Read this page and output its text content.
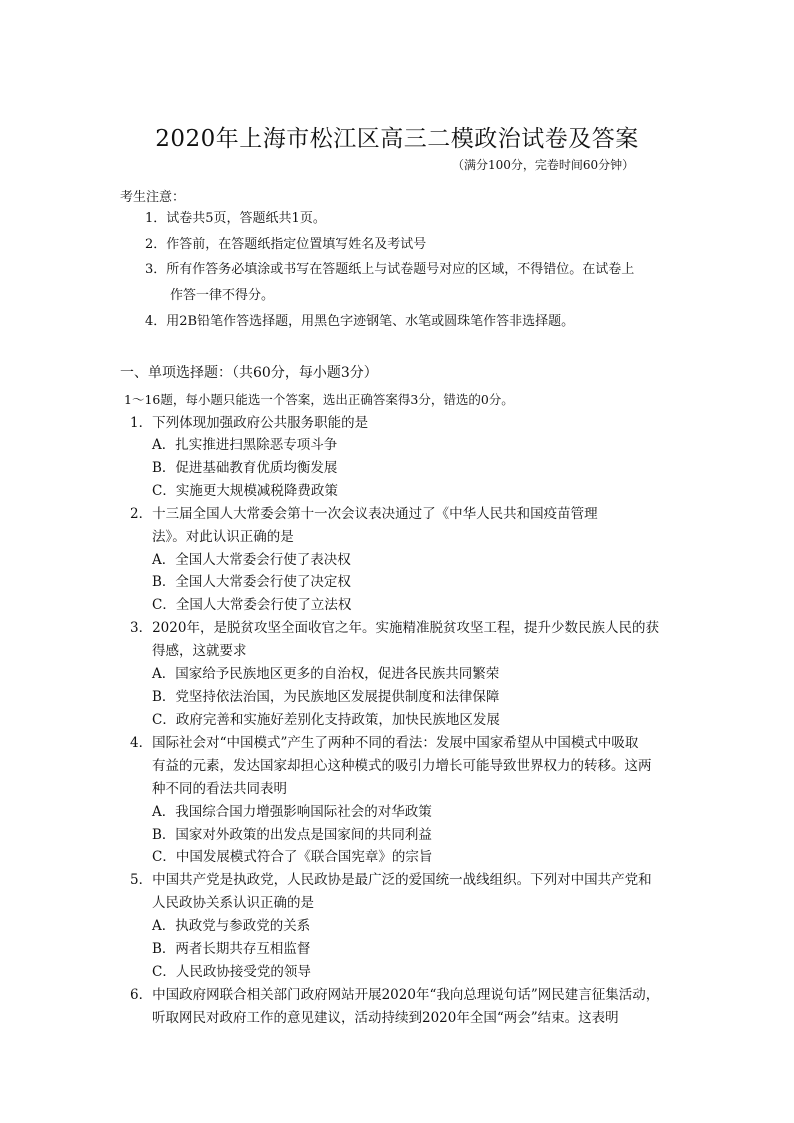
2020年上海市松江区高三二模政治试卷及答案
（满分100分，完卷时间60分钟）
考生注意：
1．试卷共5页，答题纸共1页。
2．作答前，在答题纸指定位置填写姓名及考试号
3．所有作答务必填涂或书写在答题纸上与试卷题号对应的区域，不得错位。在试卷上
作答一律不得分。
4．用2B铅笔作答选择题，用黑色字迹钢笔、水笔或圆珠笔作答非选择题。
一、单项选择题：（共60分，每小题3分）
1～16题，每小题只能选一个答案，选出正确答案得3分，错选的0分。
1．下列体现加强政府公共服务职能的是
A．扎实推进扫黑除恶专项斗争
B．促进基础教育优质均衡发展
C．实施更大规模减税降费政策
2．十三届全国人大常委会第十一次会议表决通过了《中华人民共和国疫苗管理
法》。对此认识正确的是
A．全国人大常委会行使了表决权
B．全国人大常委会行使了决定权
C．全国人大常委会行使了立法权
3．2020年，是脱贫攻坚全面收官之年。实施精准脱贫攻坚工程，提升少数民族人民的获
得感，这就要求
A．国家给予民族地区更多的自治权，促进各民族共同繁荣
B．党坚持依法治国，为民族地区发展提供制度和法律保障
C．政府完善和实施好差别化支持政策，加快民族地区发展
4．国际社会对“中国模式”产生了两种不同的看法：发展中国家希望从中国模式中吸取
有益的元素，发达国家却担心这种模式的吸引力增长可能导致世界权力的转移。这两
种不同的看法共同表明
A．我国综合国力增强影响国际社会的对华政策
B．国家对外政策的出发点是国家间的共同利益
C．中国发展模式符合了《联合国宪章》的宗旨
5．中国共产党是执政党，人民政协是最广泛的爱国统一战线组织。下列对中国共产党和
人民政协关系认识正确的是
A．执政党与参政党的关系
B．两者长期共存互相监督
C．人民政协接受党的领导
6．中国政府网联合相关部门政府网站开展2020年“我向总理说句话”网民建言征集活动，
听取网民对政府工作的意见建议，活动持续到2020年全国“两会”结束。这表明
